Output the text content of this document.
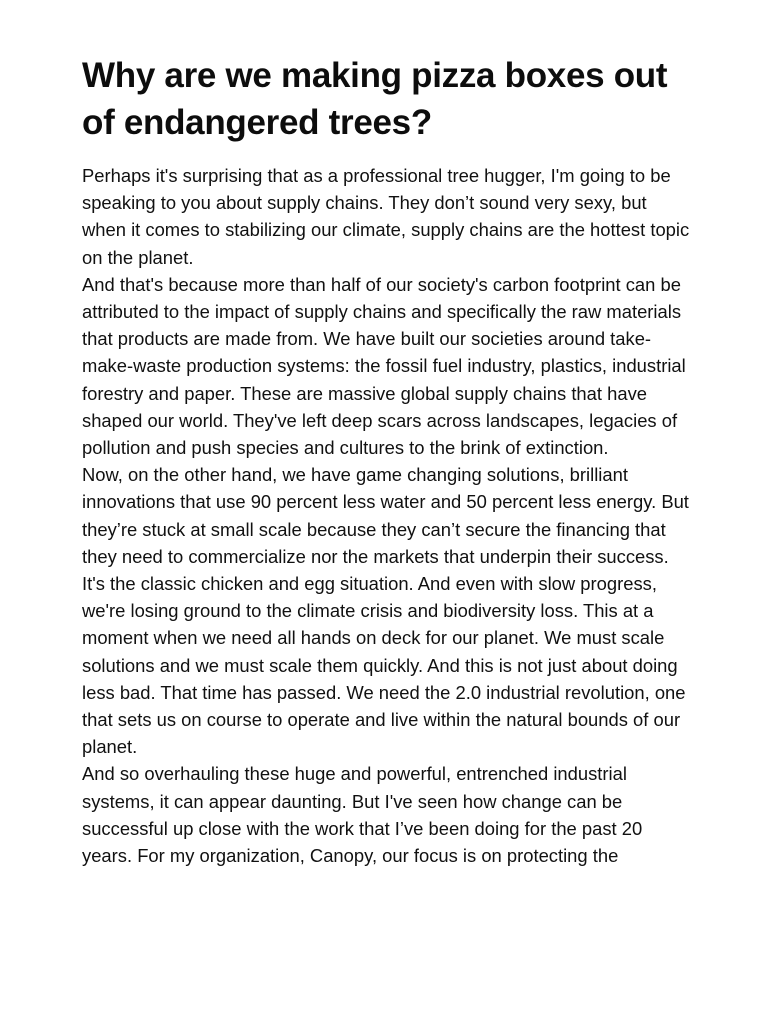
Why are we making pizza boxes out of endangered trees?

Perhaps it's surprising that as a professional tree hugger, I'm going to be speaking to you about supply chains. They don’t sound very sexy, but when it comes to stabilizing our climate, supply chains are the hottest topic on the planet.

And that's because more than half of our society's carbon footprint can be attributed to the impact of supply chains and specifically the raw materials that products are made from. We have built our societies around take-make-waste production systems: the fossil fuel industry, plastics, industrial forestry and paper. These are massive global supply chains that have shaped our world. They've left deep scars across landscapes, legacies of pollution and push species and cultures to the brink of extinction.

Now, on the other hand, we have game changing solutions, brilliant innovations that use 90 percent less water and 50 percent less energy. But they’re stuck at small scale because they can’t secure the financing that they need to commercialize nor the markets that underpin their success. It's the classic chicken and egg situation. And even with slow progress, we're losing ground to the climate crisis and biodiversity loss. This at a moment when we need all hands on deck for our planet. We must scale solutions and we must scale them quickly. And this is not just about doing less bad. That time has passed. We need the 2.0 industrial revolution, one that sets us on course to operate and live within the natural bounds of our planet.

And so overhauling these huge and powerful, entrenched industrial systems, it can appear daunting. But I've seen how change can be successful up close with the work that I’ve been doing for the past 20 years. For my organization, Canopy, our focus is on protecting the
